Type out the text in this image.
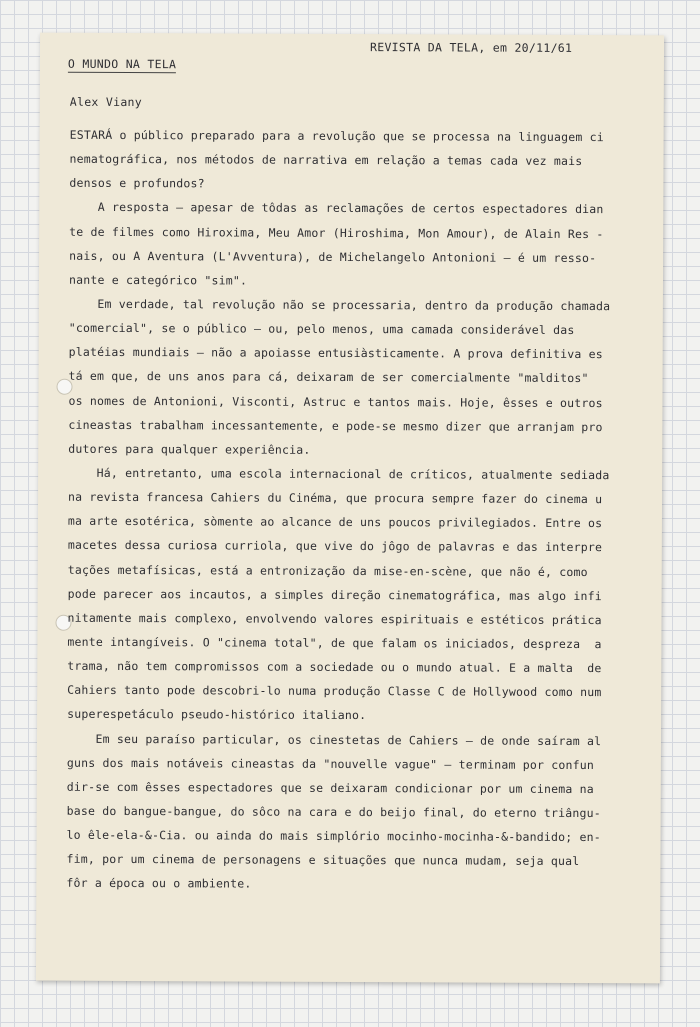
O MUNDO NA TELA
REVISTA DA TELA, em 20/11/61
Alex Viany
ESTARÁ o público preparado para a revolução que se processa na linguagem ci
nematográfica, nos métodos de narrativa em relação a temas cada vez mais
densos e profundos?
A resposta — apesar de tôdas as reclamações de certos espectadores dian
te de filmes como Hiroxima, Meu Amor (Hiroshima, Mon Amour), de Alain Res -
nais, ou A Aventura (L'Avventura), de Michelangelo Antonioni — é um resso-
nante e categórico "sim".
Em verdade, tal revolução não se processaria, dentro da produção chamada
"comercial", se o público — ou, pelo menos, uma camada considerável das
platéias mundiais — não a apoiasse entusiàsticamente. A prova definitiva es
tá em que, de uns anos para cá, deixaram de ser comercialmente "malditos"
os nomes de Antonioni, Visconti, Astruc e tantos mais. Hoje, êsses e outros
cineastas trabalham incessantemente, e pode-se mesmo dizer que arranjam pro
dutores para qualquer experiência.
Há, entretanto, uma escola internacional de críticos, atualmente sediada
na revista francesa Cahiers du Cinéma, que procura sempre fazer do cinema u
ma arte esotérica, sòmente ao alcance de uns poucos privilegiados. Entre os
macetes dessa curiosa curriola, que vive do jôgo de palavras e das interpre
tações metafísicas, está a entronização da mise-en-scène, que não é, como
pode parecer aos incautos, a simples direção cinematográfica, mas algo infi
nitamente mais complexo, envolvendo valores espirituais e estéticos prática
mente intangíveis. O "cinema total", de que falam os iniciados, despreza  a
trama, não tem compromissos com a sociedade ou o mundo atual. E a malta  de
Cahiers tanto pode descobri-lo numa produção Classe C de Hollywood como num
superespetáculo pseudo-histórico italiano.
Em seu paraíso particular, os cinestetas de Cahiers — de onde saíram al
guns dos mais notáveis cineastas da "nouvelle vague" — terminam por confun
dir-se com êsses espectadores que se deixaram condicionar por um cinema na
base do bangue-bangue, do sôco na cara e do beijo final, do eterno triângu-
lo êle-ela-&-Cia. ou ainda do mais simplório mocinho-mocinha-&-bandido; en-
fim, por um cinema de personagens e situações que nunca mudam, seja qual
fôr a época ou o ambiente.
